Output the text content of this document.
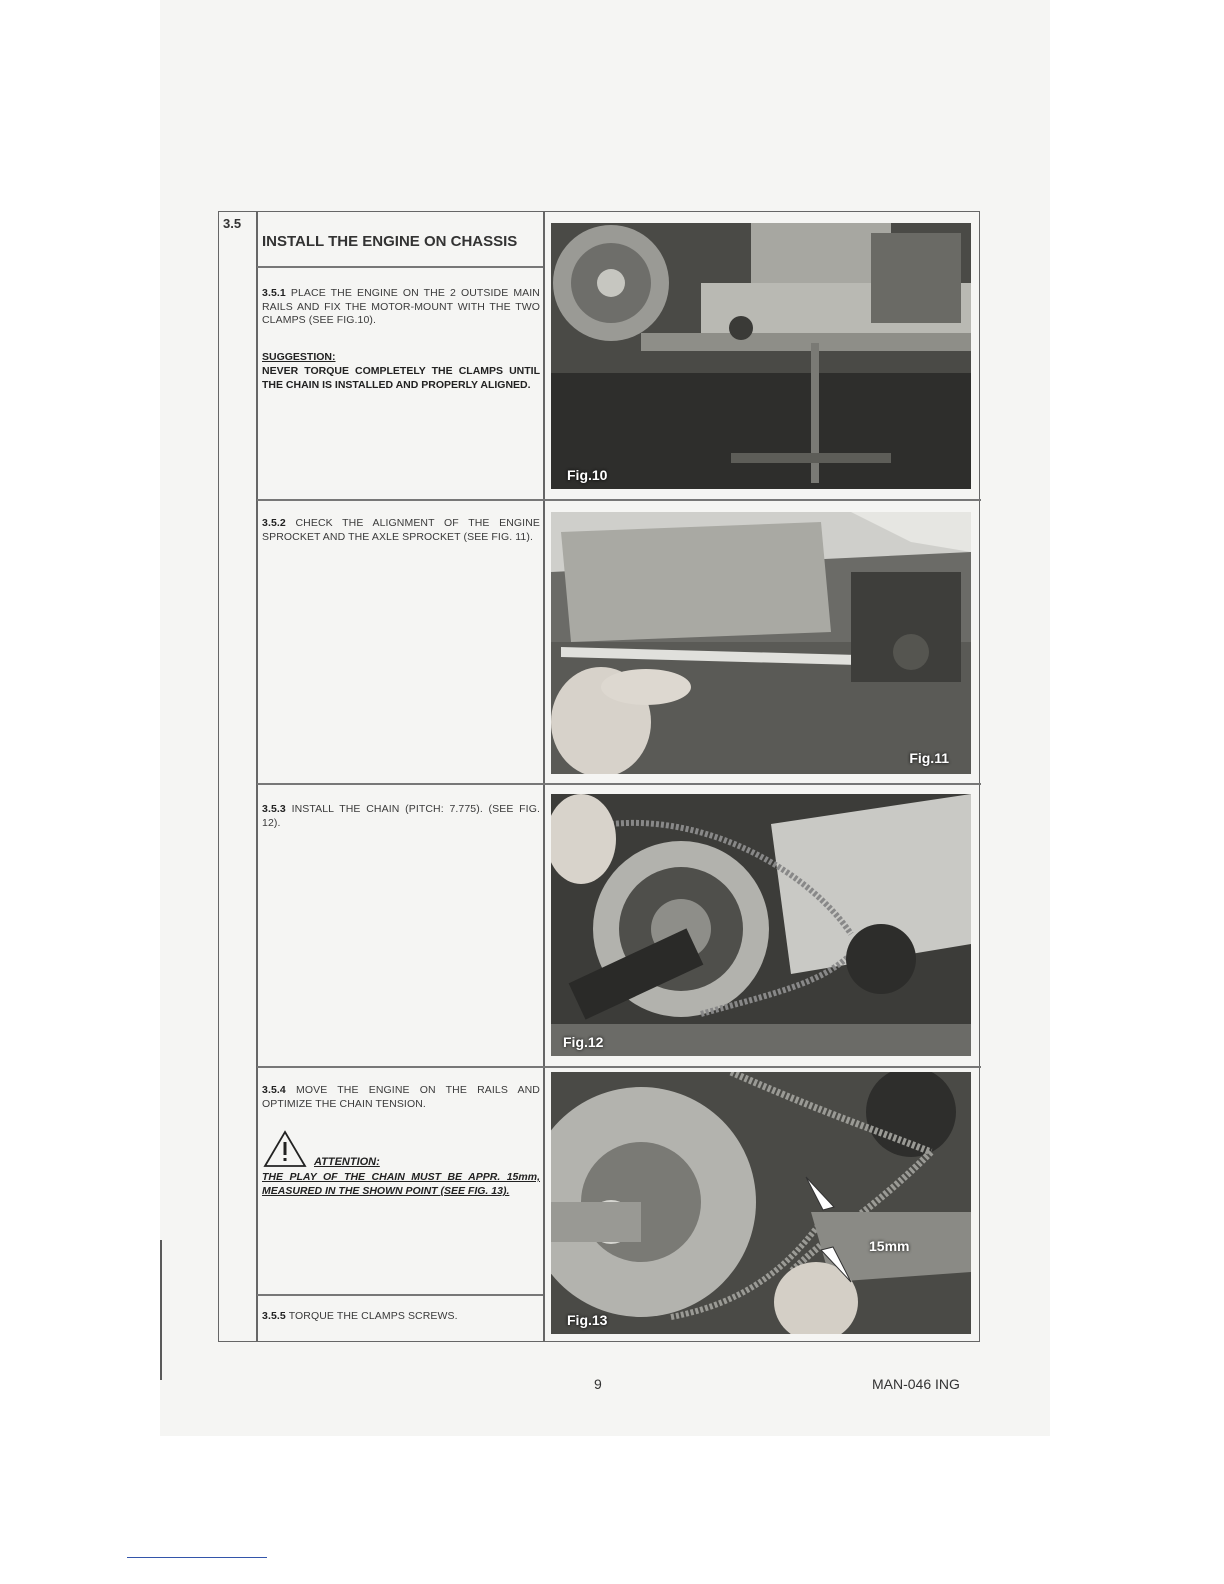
3.5
INSTALL THE ENGINE ON CHASSIS
3.5.1 PLACE THE ENGINE ON THE 2 OUTSIDE MAIN RAILS AND FIX THE MOTOR-MOUNT WITH THE TWO CLAMPS (SEE FIG.10).
SUGGESTION:
NEVER TORQUE COMPLETELY THE CLAMPS UNTIL THE CHAIN IS INSTALLED AND PROPERLY ALIGNED.
3.5.2 CHECK THE ALIGNMENT OF THE ENGINE SPROCKET AND THE AXLE SPROCKET (SEE FIG. 11).
3.5.3 INSTALL THE CHAIN (PITCH: 7.775). (SEE FIG. 12).
3.5.4 MOVE THE ENGINE ON THE RAILS AND OPTIMIZE THE CHAIN TENSION.
ATTENTION:
THE PLAY OF THE CHAIN MUST BE APPR. 15mm, MEASURED IN THE SHOWN POINT (SEE FIG. 13).
3.5.5 TORQUE THE CLAMPS SCREWS.
Fig.10
Fig.11
Fig.12
15mm
Fig.13
9	MAN-046 ING
